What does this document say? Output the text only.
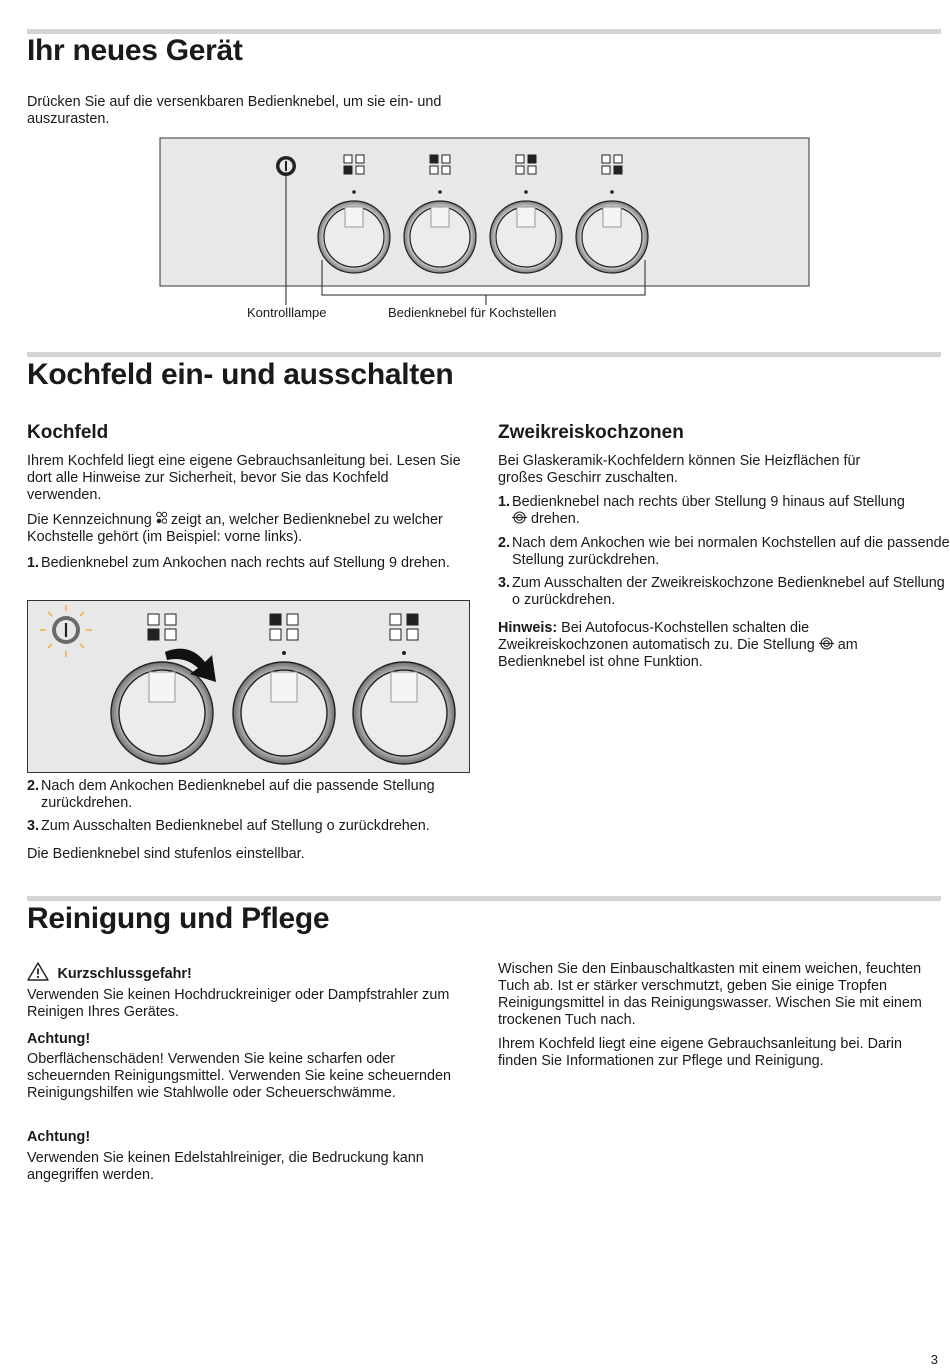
Ihr neues Gerät

Drücken Sie auf die versenkbaren Bedienknebel, um sie ein- und auszurasten.

Kontrolllampe	Bedienknebel für Kochstellen
Kochfeld ein- und ausschalten
Kochfeld

Ihrem Kochfeld liegt eine eigene Gebrauchsanleitung bei. Lesen Sie dort alle Hinweise zur Sicherheit, bevor Sie das Kochfeld verwenden.

Die Kennzeichnung zeigt an, welcher Bedienknebel zu welcher Kochstelle gehört (im Beispiel: vorne links).

1. Bedienknebel zum Ankochen nach rechts auf Stellung 9 drehen.

2. Nach dem Ankochen Bedienknebel auf die passende Stellung zurückdrehen.

3. Zum Ausschalten Bedienknebel auf Stellung o zurückdrehen.

Die Bedienknebel sind stufenlos einstellbar.

Zweikreiskochzonen

Bei Glaskeramik-Kochfeldern können Sie Heizflächen für großes Geschirr zuschalten.

1. Bedienknebel nach rechts über Stellung 9 hinaus auf Stellung  drehen.

2. Nach dem Ankochen wie bei normalen Kochstellen auf die passende Stellung zurückdrehen.

3. Zum Ausschalten der Zweikreiskochzone Bedienknebel auf Stellung o zurückdrehen.

Hinweis: Bei Autofocus-Kochstellen schalten die Zweikreiskochzonen automatisch zu. Die Stellung am Bedienknebel ist ohne Funktion.

Reinigung und Pflege
Kurzschlussgefahr!

Verwenden Sie keinen Hochdruckreiniger oder Dampfstrahler zum Reinigen Ihres Gerätes.

Achtung!

Oberflächenschäden! Verwenden Sie keine scharfen oder scheuernden Reinigungsmittel. Verwenden Sie keine scheuernden Reinigungshilfen wie Stahlwolle oder Scheuerschwämme.

Achtung!

Verwenden Sie keinen Edelstahlreiniger, die Bedruckung kann angegriffen werden.

Wischen Sie den Einbauschaltkasten mit einem weichen, feuchten Tuch ab. Ist er stärker verschmutzt, geben Sie einige Tropfen Reinigungsmittel in das Reinigungswasser. Wischen Sie mit einem trockenen Tuch nach.

Ihrem Kochfeld liegt eine eigene Gebrauchsanleitung bei. Darin finden Sie Informationen zur Pflege und Reinigung.

3
